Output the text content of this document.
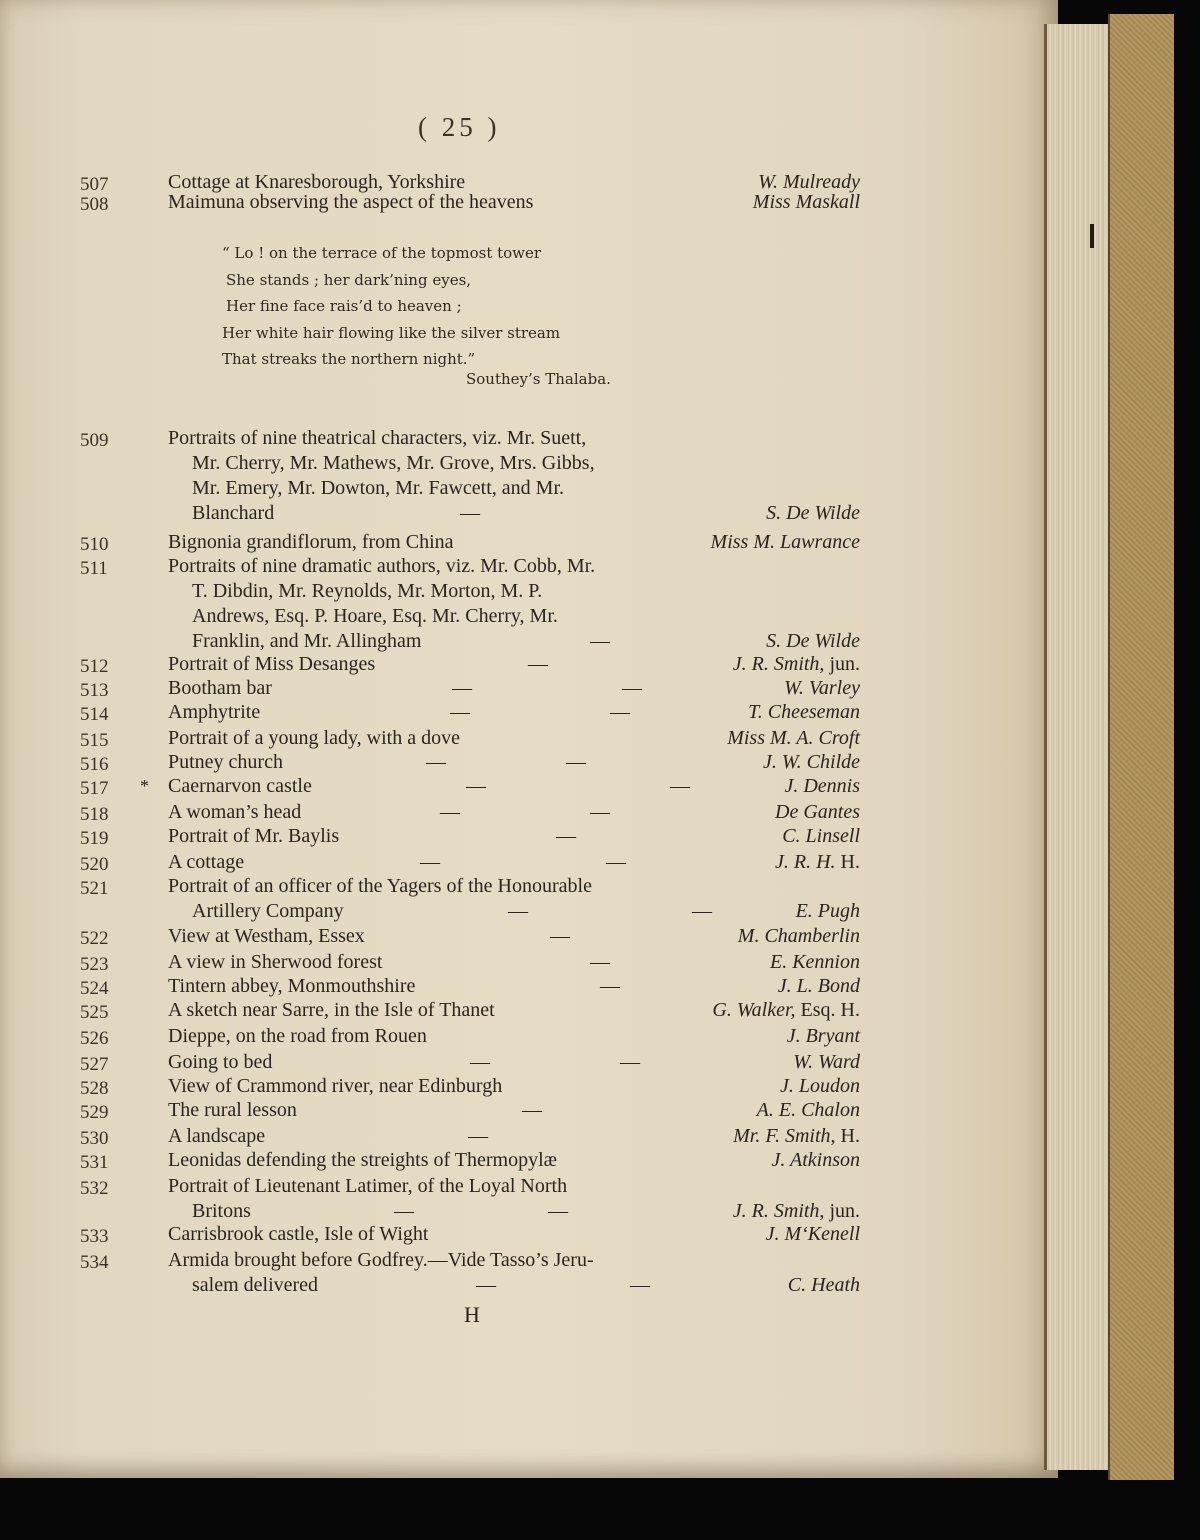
( 25 )
“ Lo ! on the terrace of the topmost tower
She stands ; her dark’ning eyes,
Her fine face rais’d to heaven ;
Her white hair flowing like the silver stream
That streaks the northern night.”
Southey’s Thalaba.
507	Cottage at Knaresborough, Yorkshire	W. Mulready
508	Maimuna observing the aspect of the heavens	Miss Maskall
509	Portraits of nine theatrical characters, viz. Mr. Suett,
Mr. Cherry, Mr. Mathews, Mr. Grove, Mrs. Gibbs,
Mr. Emery, Mr. Dowton, Mr. Fawcett, and Mr.
Blanchard	—	S. De Wilde
510	Bignonia grandiflorum, from China	Miss M. Lawrance
511	Portraits of nine dramatic authors, viz. Mr. Cobb, Mr.
T. Dibdin, Mr. Reynolds, Mr. Morton, M. P.
Andrews, Esq. P. Hoare, Esq. Mr. Cherry, Mr.
Franklin, and Mr. Allingham	—	S. De Wilde
512	Portrait of Miss Desanges	—	J. R. Smith, jun.
513	Bootham bar	—	—	W. Varley
514	Amphytrite	—	—	T. Cheeseman
515	Portrait of a young lady, with a dove	Miss M. A. Croft
516	Putney church	—	—	J. W. Childe
517	* Caernarvon castle	—	—	J. Dennis
518	A woman’s head	—	—	De Gantes
519	Portrait of Mr. Baylis	—	C. Linsell
520	A cottage	—	—	J. R. H. H.
521	Portrait of an officer of the Yagers of the Honourable
Artillery Company	—	—	E. Pugh
522	View at Westham, Essex	—	M. Chamberlin
523	A view in Sherwood forest	—	E. Kennion
524	Tintern abbey, Monmouthshire	—	J. L. Bond
525	A sketch near Sarre, in the Isle of Thanet	G. Walker, Esq. H.
526	Dieppe, on the road from Rouen	J. Bryant
527	Going to bed	—	—	W. Ward
528	View of Crammond river, near Edinburgh	J. Loudon
529	The rural lesson	—	A. E. Chalon
530	A landscape	—	Mr. F. Smith, H.
531	Leonidas defending the streights of Thermopylæ	J. Atkinson
532	Portrait of Lieutenant Latimer, of the Loyal North
Britons	—	—	J. R. Smith, jun.
533	Carrisbrook castle, Isle of Wight	J. M‘Kenell
534	Armida brought before Godfrey.—Vide Tasso’s Jeru-
salem delivered	—	—	C. Heath
H
